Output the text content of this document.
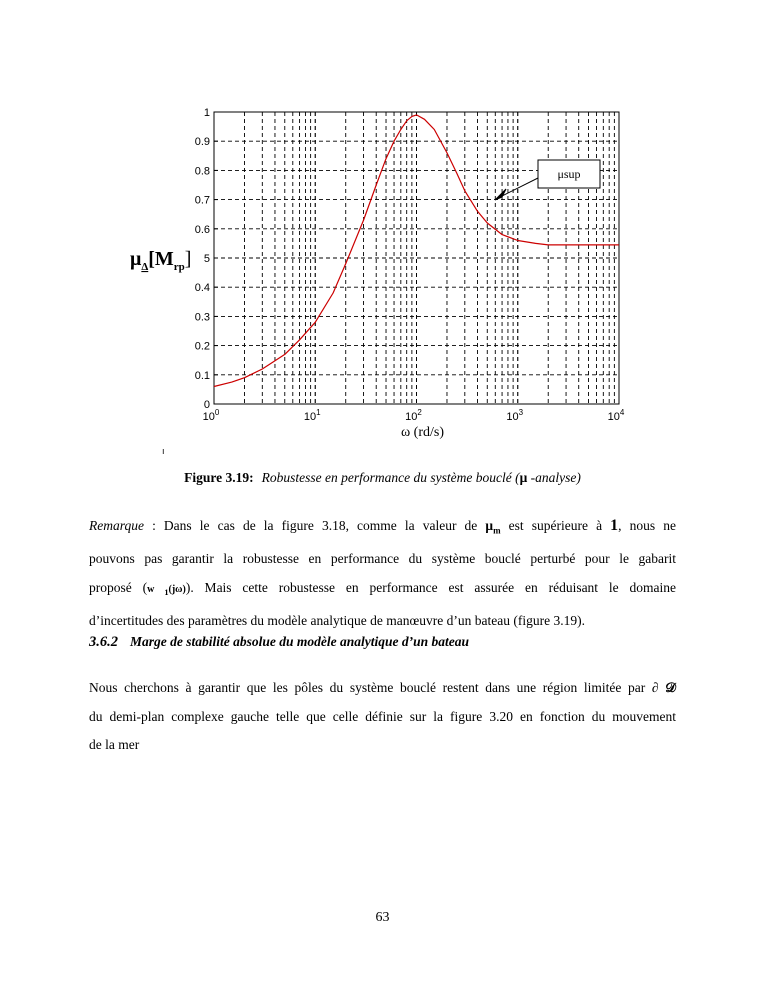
0
0.1
0.2
0.3
0.4
5
0.6
0.7
0.8
0.9
1
$10^0$	$10^1$	$10^2$	$10^3$	$10^4$
ω (rd/s)
$\mu_\Delta[M_{rp}]$
μsup
ı
Figure 3.19: Robustesse en performance du système bouclé (μ -analyse)
Remarque : Dans le cas de la figure 3.18, comme la valeur de $\mu_m$ est supérieure à 1, nous ne
pouvons pas garantir la robustesse en performance du système bouclé perturbé pour le gabarit
proposé (w $_1$(jω)). Mais cette robustesse en performance est assurée en réduisant le domaine
d’incertitudes des paramètres du modèle analytique de manœuvre d’un bateau (figure 3.19).
3.6.2 Marge de stabilité absolue du modèle analytique d’un bateau
Nous cherchons à garantir que les pôles du système bouclé restent dans une région limitée par ∂ 𝒟
du demi-plan complexe gauche telle que celle définie sur la figure 3.20 en fonction du mouvement
de la mer
63
